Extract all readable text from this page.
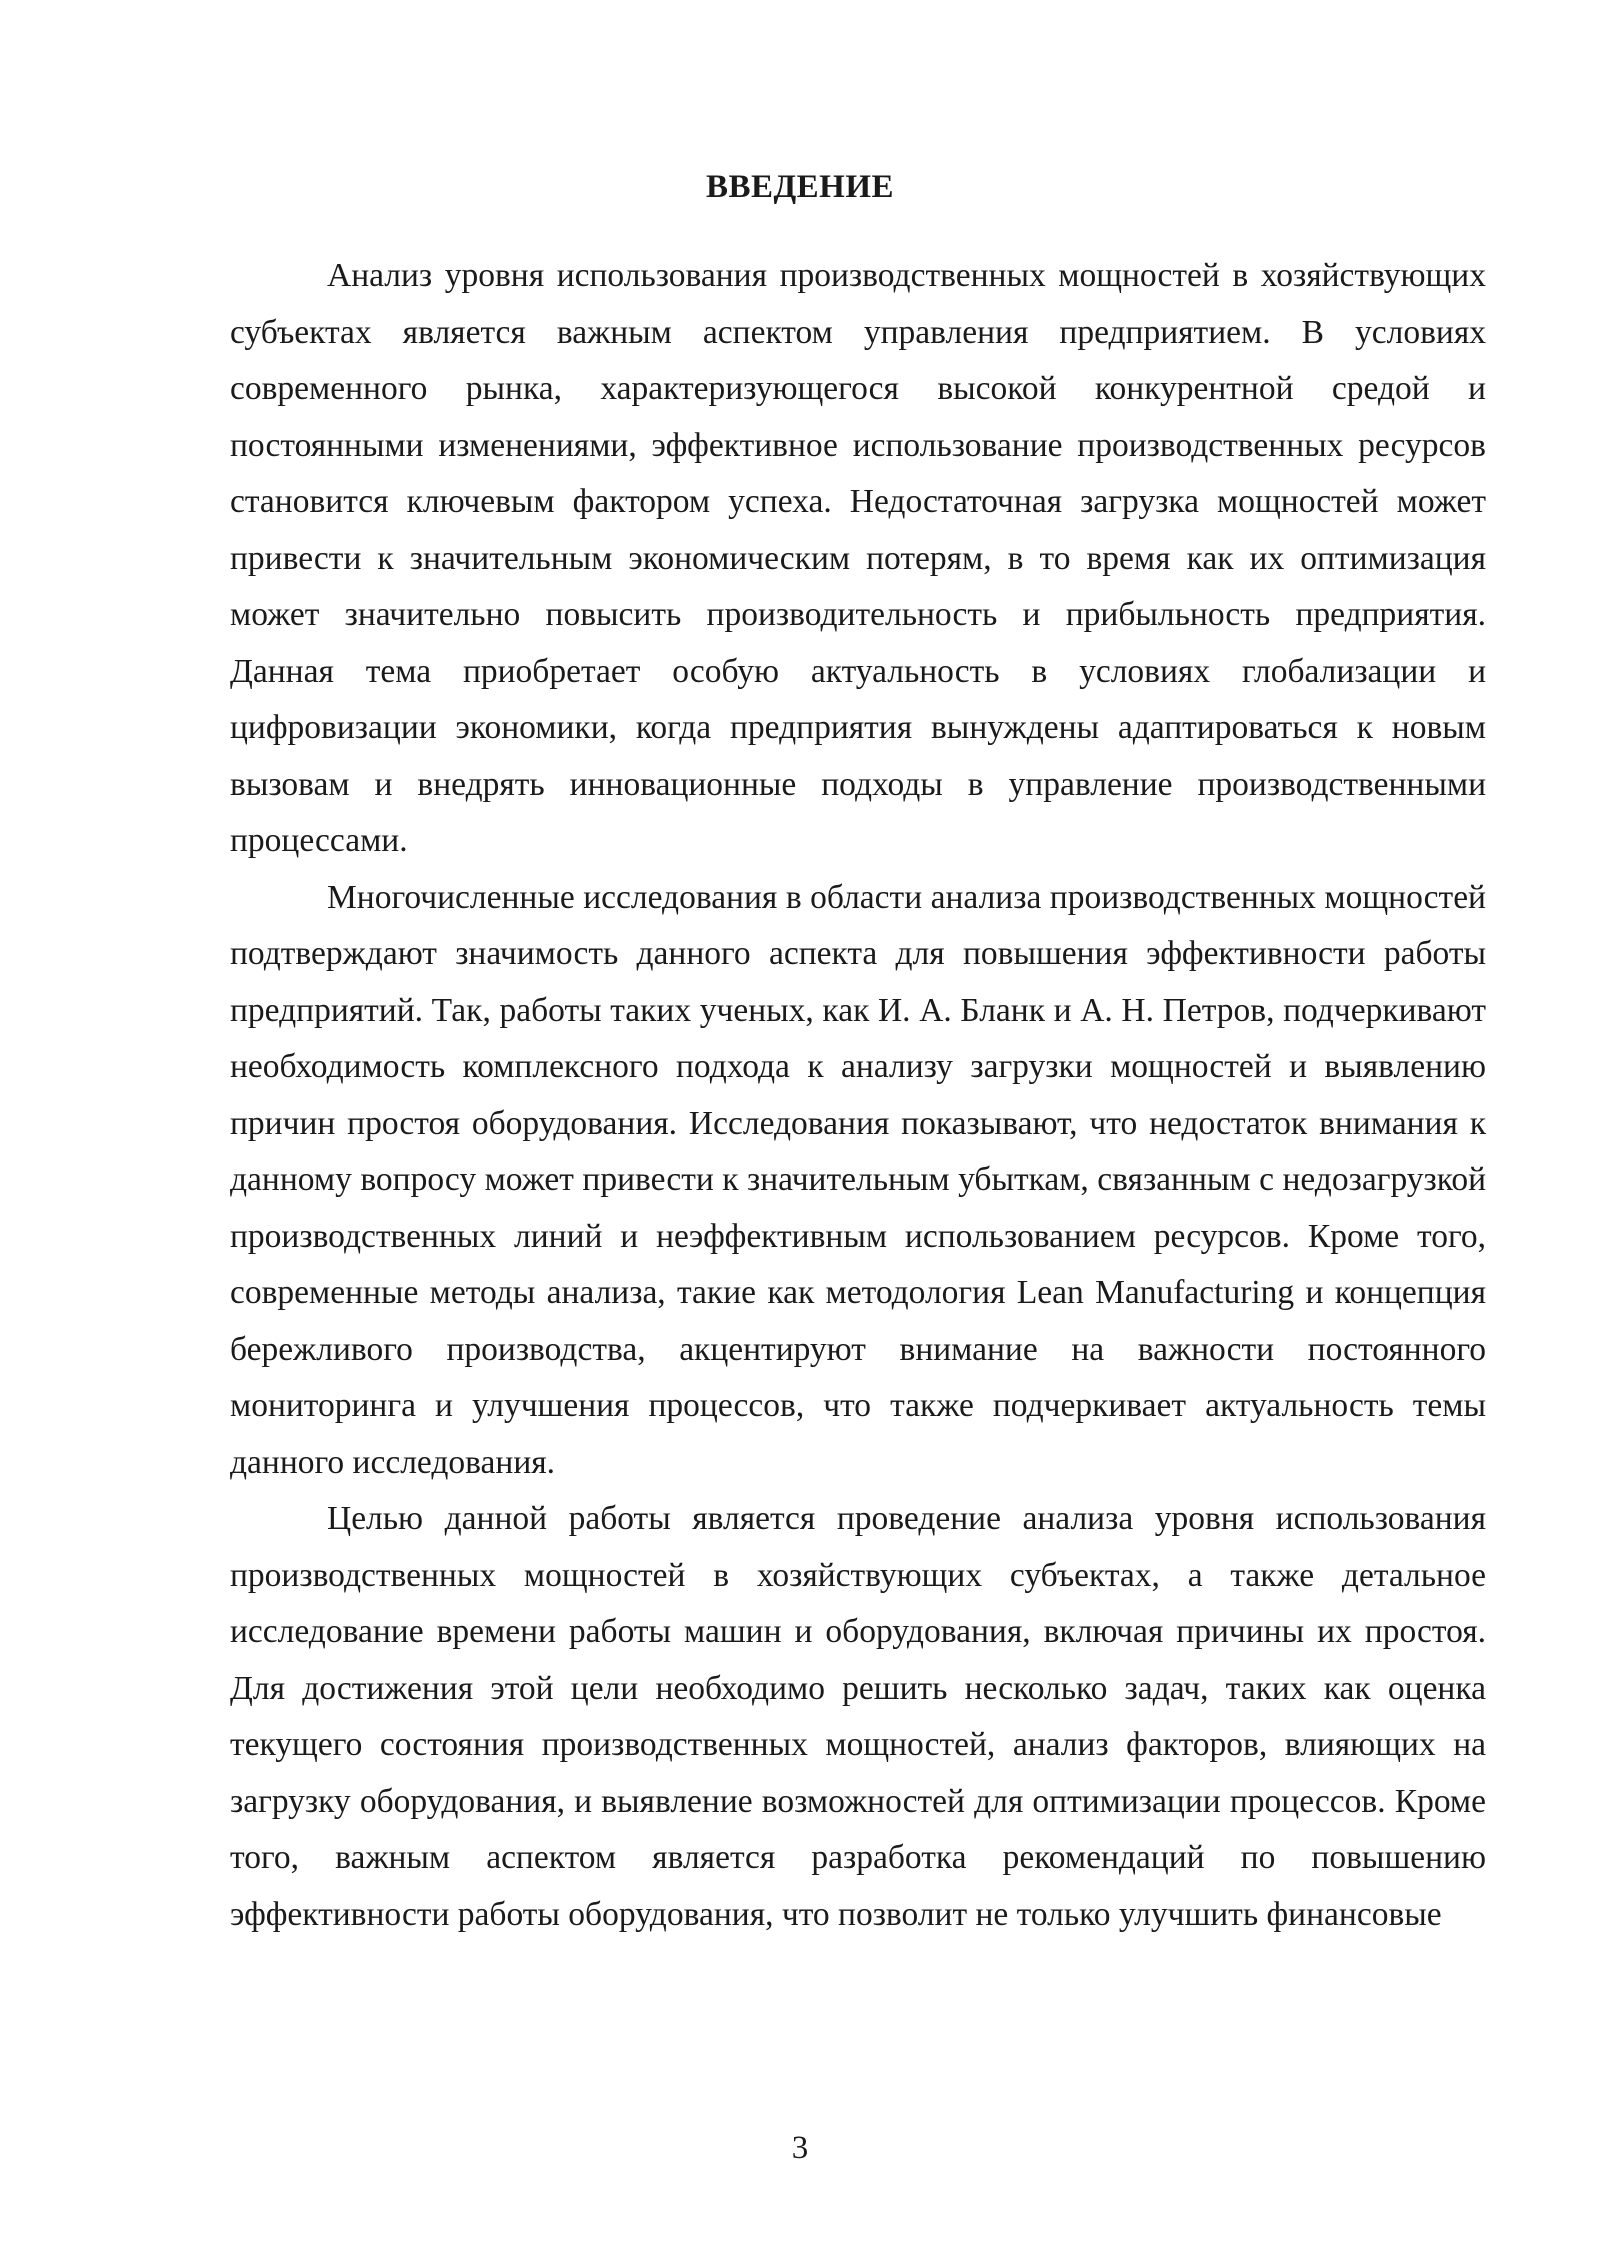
ВВЕДЕНИЕ

Анализ уровня использования производственных мощностей в хозяйствующих субъектах является важным аспектом управления предприятием. В условиях современного рынка, характеризующегося высокой конкурентной средой и постоянными изменениями, эффективное использование производственных ресурсов становится ключевым фактором успеха. Недостаточная загрузка мощностей может привести к значительным экономическим потерям, в то время как их оптимизация может значительно повысить производительность и прибыльность предприятия. Данная тема приобретает особую актуальность в условиях глобализации и цифровизации экономики, когда предприятия вынуждены адаптироваться к новым вызовам и внедрять инновационные подходы в управление производственными процессами.

Многочисленные исследования в области анализа производственных мощностей подтверждают значимость данного аспекта для повышения эффективности работы предприятий. Так, работы таких ученых, как И. А. Бланк и А. Н. Петров, подчеркивают необходимость комплексного подхода к анализу загрузки мощностей и выявлению причин простоя оборудования. Исследования показывают, что недостаток внимания к данному вопросу может привести к значительным убыткам, связанным с недозагрузкой производственных линий и неэффективным использованием ресурсов. Кроме того, современные методы анализа, такие как методология Lean Manufacturing и концепция бережливого производства, акцентируют внимание на важности постоянного мониторинга и улучшения процессов, что также подчеркивает актуальность темы данного исследования.

Целью данной работы является проведение анализа уровня использования производственных мощностей в хозяйствующих субъектах, а также детальное исследование времени работы машин и оборудования, включая причины их простоя. Для достижения этой цели необходимо решить несколько задач, таких как оценка текущего состояния производственных мощностей, анализ факторов, влияющих на загрузку оборудования, и выявление возможностей для оптимизации процессов. Кроме того, важным аспектом является разработка рекомендаций по повышению эффективности работы оборудования, что позволит не только улучшить финансовые

3
